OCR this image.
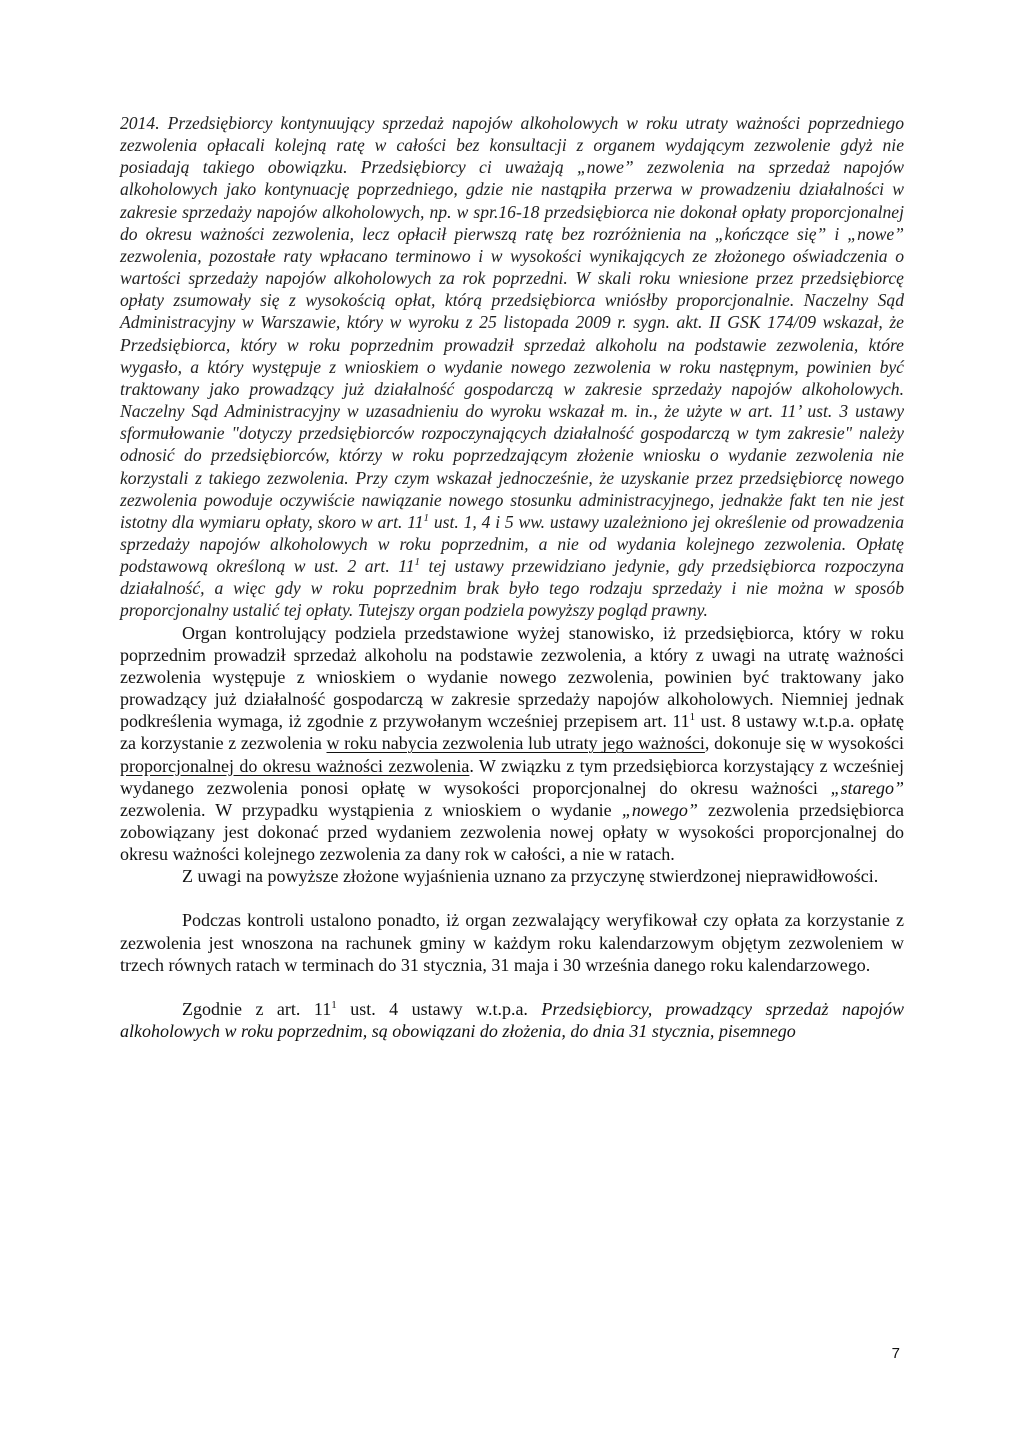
2014. Przedsiębiorcy kontynuujący sprzedaż napojów alkoholowych w roku utraty ważności poprzedniego zezwolenia opłacali kolejną ratę w całości bez konsultacji z organem wydającym zezwolenie gdyż nie posiadają takiego obowiązku. Przedsiębiorcy ci uważają „nowe” zezwolenia na sprzedaż napojów alkoholowych jako kontynuację poprzedniego, gdzie nie nastąpiła przerwa w prowadzeniu działalności w zakresie sprzedaży napojów alkoholowych, np. w spr.16-18 przedsiębiorca nie dokonał opłaty proporcjonalnej do okresu ważności zezwolenia, lecz opłacił pierwszą ratę bez rozróżnienia na „kończące się” i „nowe” zezwolenia, pozostałe raty wpłacano terminowo i w wysokości wynikających ze złożonego oświadczenia o wartości sprzedaży napojów alkoholowych za rok poprzedni. W skali roku wniesione przez przedsiębiorcę opłaty zsumowały się z wysokością opłat, którą przedsiębiorca wniósłby proporcjonalnie. Naczelny Sąd Administracyjny w Warszawie, który w wyroku z 25 listopada 2009 r. sygn. akt. II GSK 174/09 wskazał, że Przedsiębiorca, który w roku poprzednim prowadził sprzedaż alkoholu na podstawie zezwolenia, które wygasło, a który występuje z wnioskiem o wydanie nowego zezwolenia w roku następnym, powinien być traktowany jako prowadzący już działalność gospodarczą w zakresie sprzedaży napojów alkoholowych. Naczelny Sąd Administracyjny w uzasadnieniu do wyroku wskazał m. in., że użyte w art. 11’ ust. 3 ustawy sformułowanie "dotyczy przedsiębiorców rozpoczynających działalność gospodarczą w tym zakresie" należy odnosić do przedsiębiorców, którzy w roku poprzedzającym złożenie wniosku o wydanie zezwolenia nie korzystali z takiego zezwolenia. Przy czym wskazał jednocześnie, że uzyskanie przez przedsiębiorcę nowego zezwolenia powoduje oczywiście nawiązanie nowego stosunku administracyjnego, jednakże fakt ten nie jest istotny dla wymiaru opłaty, skoro w art. $11^1$ ust. 1, 4 i 5 ww. ustawy uzależniono jej określenie od prowadzenia sprzedaży napojów alkoholowych w roku poprzednim, a nie od wydania kolejnego zezwolenia. Opłatę podstawową określoną w ust. 2 art. $11^1$ tej ustawy przewidziano jedynie, gdy przedsiębiorca rozpoczyna działalność, a więc gdy w roku poprzednim brak było tego rodzaju sprzedaży i nie można w sposób proporcjonalny ustalić tej opłaty. Tutejszy organ podziela powyższy pogląd prawny.

Organ kontrolujący podziela przedstawione wyżej stanowisko, iż przedsiębiorca, który w roku poprzednim prowadził sprzedaż alkoholu na podstawie zezwolenia, a który z uwagi na utratę ważności zezwolenia występuje z wnioskiem o wydanie nowego zezwolenia, powinien być traktowany jako prowadzący już działalność gospodarczą w zakresie sprzedaży napojów alkoholowych. Niemniej jednak podkreślenia wymaga, iż zgodnie z przywołanym wcześniej przepisem art. $11^1$ ust. 8 ustawy w.t.p.a. opłatę za korzystanie z zezwolenia w roku nabycia zezwolenia lub utraty jego ważności, dokonuje się w wysokości proporcjonalnej do okresu ważności zezwolenia. W związku z tym przedsiębiorca korzystający z wcześniej wydanego zezwolenia ponosi opłatę w wysokości proporcjonalnej do okresu ważności „starego” zezwolenia. W przypadku wystąpienia z wnioskiem o wydanie „nowego” zezwolenia przedsiębiorca zobowiązany jest dokonać przed wydaniem zezwolenia nowej opłaty w wysokości proporcjonalnej do okresu ważności kolejnego zezwolenia za dany rok w całości, a nie w ratach.

Z uwagi na powyższe złożone wyjaśnienia uznano za przyczynę stwierdzonej nieprawidłowości.

Podczas kontroli ustalono ponadto, iż organ zezwalający weryfikował czy opłata za korzystanie z zezwolenia jest wnoszona na rachunek gminy w każdym roku kalendarzowym objętym zezwoleniem w trzech równych ratach w terminach do 31 stycznia, 31 maja i 30 września danego roku kalendarzowego.

Zgodnie z art. $11^1$ ust. 4 ustawy w.t.p.a. Przedsiębiorcy, prowadzący sprzedaż napojów alkoholowych w roku poprzednim, są obowiązani do złożenia, do dnia 31 stycznia, pisemnego

7
